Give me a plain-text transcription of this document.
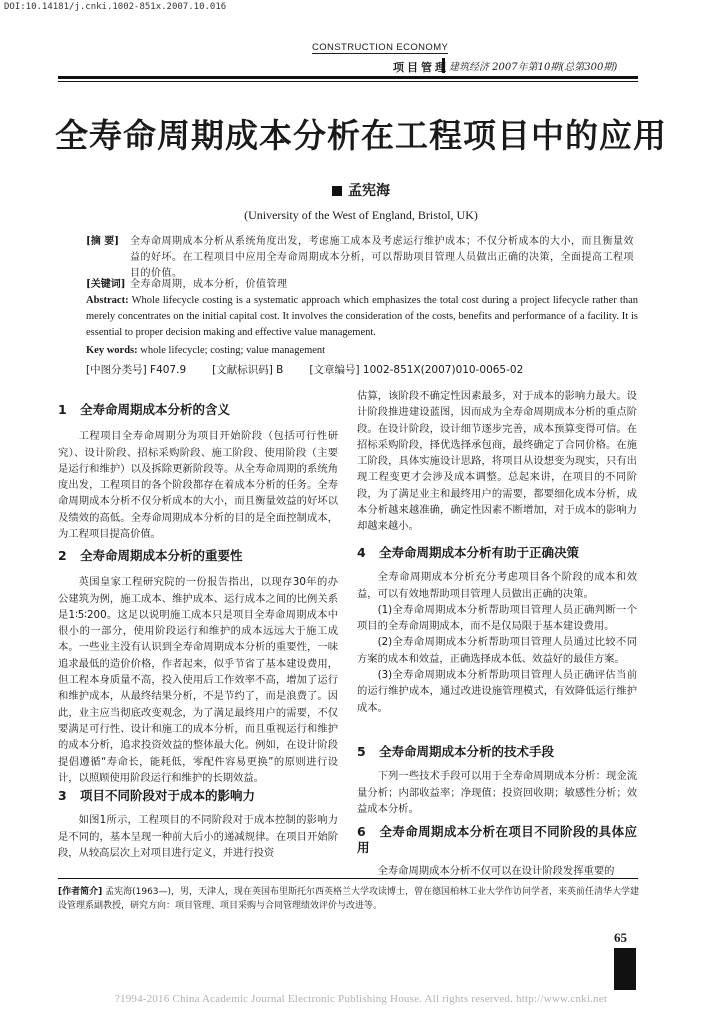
DOI:10.14181/j.cnki.1002-851x.2007.10.016
CONSTRUCTION ECONOMY
项目管理 建筑经济 2007年第10期(总第300期)
全寿命周期成本分析在工程项目中的应用
孟宪海
(University of the West of England, Bristol, UK)
[摘 要] 全寿命周期成本分析从系统角度出发，考虑施工成本及考虑运行维护成本；不仅分析成本的大小，而且衡量效益的好坏。在工程项目中应用全寿命周期成本分析，可以帮助项目管理人员做出正确的决策，全面提高工程项目的价值。
[关键词] 全寿命周期，成本分析，价值管理
Abstract: Whole lifecycle costing is a systematic approach which emphasizes the total cost during a project lifecycle rather than merely concentrates on the initial capital cost. It involves the consideration of the costs, benefits and performance of a facility. It is essential to proper decision making and effective value management.
Key words: whole lifecycle; costing; value management
[中图分类号] F407.9 [文献标识码] B [文章编号] 1002-851X(2007)010-0065-02
1 全寿命周期成本分析的含义

工程项目全寿命周期分为项目开始阶段（包括可行性研究）、设计阶段、招标采购阶段、施工阶段、使用阶段（主要是运行和维护）以及拆除更新阶段等。从全寿命周期的系统角度出发，工程项目的各个阶段都存在着成本分析的任务。全寿命周期成本分析不仅分析成本的大小，而且衡量效益的好坏以及绩效的高低。全寿命周期成本分析的目的是全面控制成本，为工程项目提高价值。

2 全寿命周期成本分析的重要性

英国皇家工程研究院的一份报告指出，以现存30年的办公建筑为例，施工成本、维护成本、运行成本之间的比例关系是1∶5∶200。这足以说明施工成本只是项目全寿命周期成本中很小的一部分，使用阶段运行和维护的成本远远大于施工成本。一些业主没有认识到全寿命周期成本分析的重要性，一味追求最低的造价价格，作者起来，似乎节省了基本建设费用，但工程本身质量不高，投入使用后工作效率不高，增加了运行和维护成本，从最终结果分析，不是节约了，而是浪费了。因此，业主应当彻底改变观念，为了满足最终用户的需要，不仅要满足可行性、设计和施工的成本分析，而且重视运行和维护的成本分析，追求投资效益的整体最大化。例如，在设计阶段提倡遵循“寿命长，能耗低，零配件容易更换”的原则进行设计，以照顾使用阶段运行和维护的长期效益。

3 项目不同阶段对于成本的影响力

如图1所示，工程项目的不同阶段对于成本控制的影响力是不同的，基本呈现一种前大后小的递减规律。在项目开始阶段，从较高层次上对项目进行定义，并进行投资

估算，该阶段不确定性因素最多，对于成本的影响力最大。设计阶段推进建设蓝图，因而成为全寿命周期成本分析的重点阶段。在设计阶段，设计细节逐步完善，成本预算变得可信。在招标采购阶段，择优选择承包商，最终确定了合同价格。在施工阶段，具体实施设计思路，将项目从设想变为现实，只有出现工程变更才会涉及成本调整。总起来讲，在项目的不同阶段，为了满足业主和最终用户的需要，都要细化成本分析，成本分析越来越准确，确定性因素不断增加，对于成本的影响力却越来越小。

4 全寿命周期成本分析有助于正确决策

全寿命周期成本分析充分考虑项目各个阶段的成本和效益，可以有效地帮助项目管理人员做出正确的决策。

(1)全寿命周期成本分析帮助项目管理人员正确判断一个项目的全寿命周期成本，而不是仅局限于基本建设费用。

(2)全寿命周期成本分析帮助项目管理人员通过比较不同方案的成本和效益，正确选择成本低、效益好的最佳方案。

(3)全寿命周期成本分析帮助项目管理人员正确评估当前的运行维护成本，通过改进设施管理模式，有效降低运行维护成本。

5 全寿命周期成本分析的技术手段

下列一些技术手段可以用于全寿命周期成本分析：现金流量分析；内部收益率；净现值；投资回收期；敏感性分析；效益成本分析。

6 全寿命周期成本分析在项目不同阶段的具体应用

全寿命周期成本分析不仅可以在设计阶段发挥重要的

[作者简介] 孟宪海(1963—)，男，天津人，现在英国布里斯托尔西英格兰大学攻读博士，曾在德国柏林工业大学作访问学者，来英前任清华大学建设管理系副教授，研究方向：项目管理、项目采购与合同管理绩效评价与改进等。
65
?1994-2016 China Academic Journal Electronic Publishing House. All rights reserved. http://www.cnki.net
